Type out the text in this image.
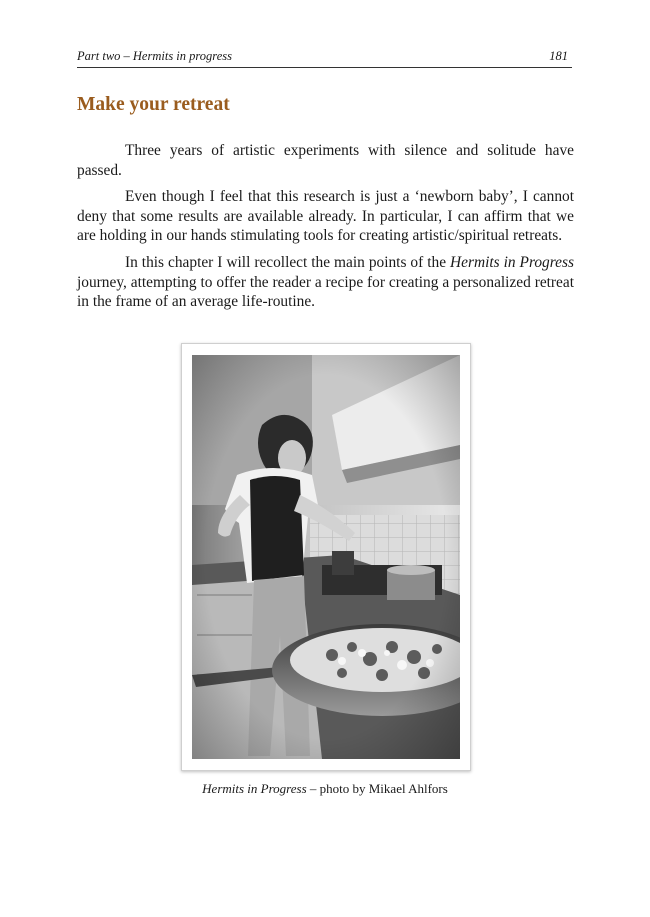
Part two – Hermits in progress	181
Make your retreat

Three years of artistic experiments with silence and solitude have passed.

Even though I feel that this research is just a ‘newborn baby’, I cannot deny that some results are available already. In particular, I can affirm that we are holding in our hands stimulating tools for creating artistic/spiritual retreats.

In this chapter I will recollect the main points of the Hermits in Progress journey, attempting to offer the reader a recipe for creating a personalized retreat in the frame of an average life-routine.

Hermits in Progress – photo by Mikael Ahlfors
